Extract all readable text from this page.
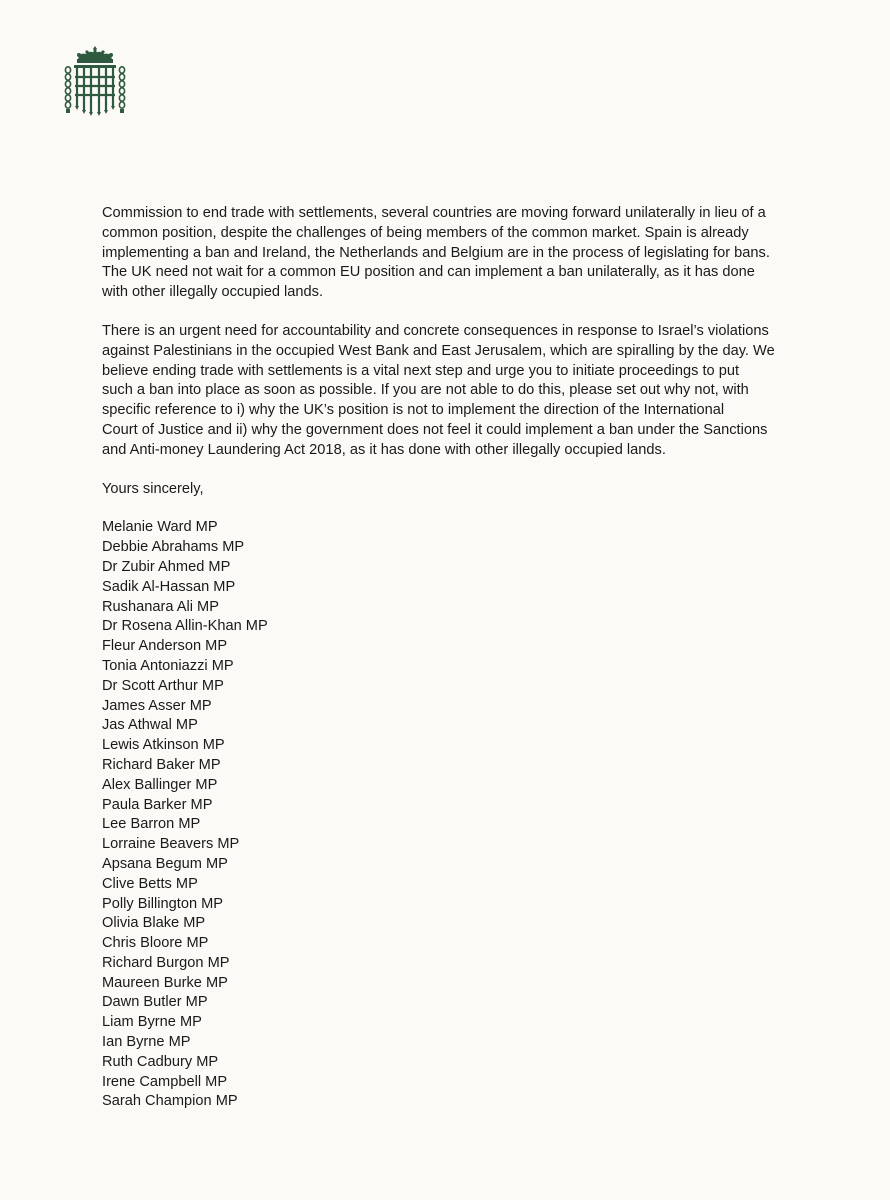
Commission to end trade with settlements, several countries are moving forward unilaterally in lieu of a
common position, despite the challenges of being members of the common market. Spain is already
implementing a ban and Ireland, the Netherlands and Belgium are in the process of legislating for bans.
The UK need not wait for a common EU position and can implement a ban unilaterally, as it has done
with other illegally occupied lands.

There is an urgent need for accountability and concrete consequences in response to Israel’s violations
against Palestinians in the occupied West Bank and East Jerusalem, which are spiralling by the day. We
believe ending trade with settlements is a vital next step and urge you to initiate proceedings to put
such a ban into place as soon as possible. If you are not able to do this, please set out why not, with
specific reference to i) why the UK’s position is not to implement the direction of the International
Court of Justice and ii) why the government does not feel it could implement a ban under the Sanctions
and Anti-money Laundering Act 2018, as it has done with other illegally occupied lands.

Yours sincerely,

Melanie Ward MP
Debbie Abrahams MP
Dr Zubir Ahmed MP
Sadik Al-Hassan MP
Rushanara Ali MP
Dr Rosena Allin-Khan MP
Fleur Anderson MP
Tonia Antoniazzi MP
Dr Scott Arthur MP
James Asser MP
Jas Athwal MP
Lewis Atkinson MP
Richard Baker MP
Alex Ballinger MP
Paula Barker MP
Lee Barron MP
Lorraine Beavers MP
Apsana Begum MP
Clive Betts MP
Polly Billington MP
Olivia Blake MP
Chris Bloore MP
Richard Burgon MP
Maureen Burke MP
Dawn Butler MP
Liam Byrne MP
Ian Byrne MP
Ruth Cadbury MP
Irene Campbell MP
Sarah Champion MP
